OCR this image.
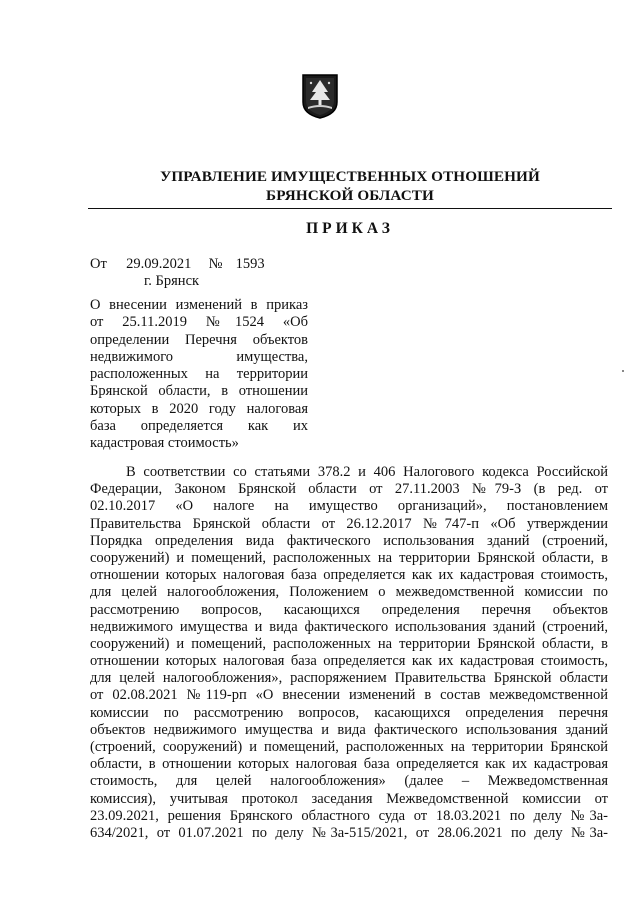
УПРАВЛЕНИЕ ИМУЩЕСТВЕННЫХ ОТНОШЕНИЙ
БРЯНСКОЙ ОБЛАСТИ
ПРИКАЗ
От 29.09.2021 № 1593
г. Брянск
О внесении изменений в приказ
от 25.11.2019 №1524 «Об
определении Перечня объектов
недвижимого имущества,
расположенных на территории
Брянской области, в отношении
которых в 2020 году налоговая
база определяется как их
кадастровая стоимость»
В соответствии со статьями 378.2 и 406 Налогового кодекса Российской
Федерации, Законом Брянской области от 27.11.2003 №79-З (в ред. от
02.10.2017 «О налоге на имущество организаций», постановлением
Правительства Брянской области от 26.12.2017 №747-п «Об утверждении
Порядка определения вида фактического использования зданий (строений,
сооружений) и помещений, расположенных на территории Брянской области, в
отношении которых налоговая база определяется как их кадастровая стоимость,
для целей налогообложения, Положением о межведомственной комиссии по
рассмотрению вопросов, касающихся определения перечня объектов
недвижимого имущества и вида фактического использования зданий (строений,
сооружений) и помещений, расположенных на территории Брянской области, в
отношении которых налоговая база определяется как их кадастровая стоимость,
для целей налогообложения», распоряжением Правительства Брянской области
от 02.08.2021 №119-рп «О внесении изменений в состав межведомственной
комиссии по рассмотрению вопросов, касающихся определения перечня
объектов недвижимого имущества и вида фактического использования зданий
(строений, сооружений) и помещений, расположенных на территории Брянской
области, в отношении которых налоговая база определяется как их кадастровая
стоимость, для целей налогообложения» (далее – Межведомственная
комиссия), учитывая протокол заседания Межведомственной комиссии от
23.09.2021, решения Брянского областного суда от 18.03.2021 по делу №3а-
634/2021, от 01.07.2021 по делу №3а-515/2021, от 28.06.2021 по делу №3а-
